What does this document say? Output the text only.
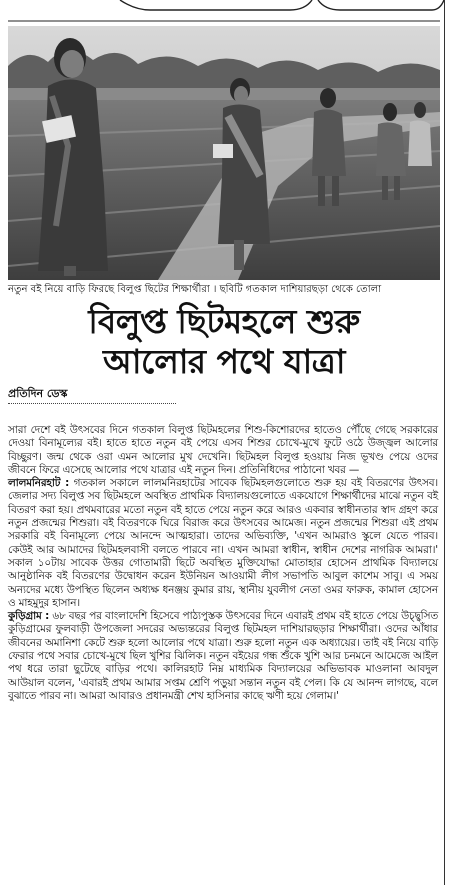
নতুন বই নিয়ে বাড়ি ফিরছে বিলুপ্ত ছিটের শিক্ষার্থীরা । ছবিটি গতকাল দাশিয়ারছড়া থেকে তোলা
বিলুপ্ত ছিটমহলে শুরু
আলোর পথে যাত্রা
প্রতিদিন ডেস্ক

সারা দেশে বই উৎসবের দিনে গতকাল বিলুপ্ত ছিটমহলের শিশু-কিশোরদের হাতেও পৌঁছে গেছে সরকারের দেওয়া বিনামূল্যের বই। হাতে হাতে নতুন বই পেয়ে এসব শিশুর চোখে-মুখে ফুটে ওঠে উজ্জ্বল আলোর বিচ্ছুরণ। জন্ম থেকে ওরা এমন আলোর মুখ দেখেনি। ছিটমহল বিলুপ্ত হওয়ায় নিজ ভূখণ্ড পেয়ে ওদের জীবনে ফিরে এসেছে আলোর পথে যাত্রার এই নতুন দিন। প্রতিনিধিদের পাঠানো খবর —

লালমনিরহাট : গতকাল সকালে লালমনিরহাটের সাবেক ছিটমহলগুলোতে শুরু হয় বই বিতরণের উৎসব। জেলার সদ্য বিলুপ্ত সব ছিটমহলে অবস্থিত প্রাথমিক বিদ্যালয়গুলোতে একযোগে শিক্ষার্থীদের মাঝে নতুন বই বিতরণ করা হয়। প্রথমবারের মতো নতুন বই হাতে পেয়ে নতুন করে আরও একবার স্বাধীনতার স্বাদ গ্রহণ করে নতুন প্রজন্মের শিশুরা। বই বিতরণকে ঘিরে বিরাজ করে উৎসবের আমেজ। নতুন প্রজন্মের শিশুরা এই প্রথম সরকারি বই বিনামূল্যে পেয়ে আনন্দে আত্মহারা। তাদের অভিব্যক্তি, 'এখন আমরাও স্কুলে যেতে পারব। কেউই আর আমাদের ছিটমহলবাসী বলতে পারবে না। এখন আমরা স্বাধীন, স্বাধীন দেশের নাগরিক আমরা।' সকাল ১০টায় সাবেক উত্তর গোতামারী ছিটে অবস্থিত মুক্তিযোদ্ধা মোতাহার হোসেন প্রাথমিক বিদ্যালয়ে আনুষ্ঠানিক বই বিতরণের উদ্বোধন করেন ইউনিয়ন আওয়ামী লীগ সভাপতি আবুল কাশেম সাবু। এ সময় অন্যদের মধ্যে উপস্থিত ছিলেন অধ্যক্ষ ধনঞ্জয় কুমার রায়, স্থানীয় যুবলীগ নেতা ওমর ফারুক, কামাল হোসেন ও মাহমুদুর হাসান।

কুড়িগ্রাম : ৬৮ বছর পর বাংলাদেশি হিসেবে পাঠ্যপুস্তক উৎসবের দিনে এবারই প্রথম বই হাতে পেয়ে উচ্ছ্বসিত কুড়িগ্রামের ফুলবাড়ী উপজেলা সদরের অভ্যন্তরের বিলুপ্ত ছিটমহল দাশিয়ারছড়ার শিক্ষার্থীরা। ওদের আঁধার জীবনের অমানিশা কেটে শুরু হলো আলোর পথে যাত্রা। শুরু হলো নতুন এক অধ্যায়ের। তাই বই নিয়ে বাড়ি ফেরার পথে সবার চোখে-মুখে ছিল খুশির ঝিলিক। নতুন বইয়ের গন্ধ শুঁকে খুশি আর চনমনে আমেজে আইল পথ ধরে তারা ছুটেছে বাড়ির পথে। কালিরহাট নিম্ন মাধ্যমিক বিদ্যালয়ের অভিভাবক মাওলানা আবদুল আউয়াল বলেন, 'এবারই প্রথম আমার সপ্তম শ্রেণি পড়ুয়া সন্তান নতুন বই পেল। কি যে আনন্দ লাগছে, বলে বুঝাতে পারব না। আমরা আবারও প্রধানমন্ত্রী শেখ হাসিনার কাছে ঋণী হয়ে গেলাম।'
